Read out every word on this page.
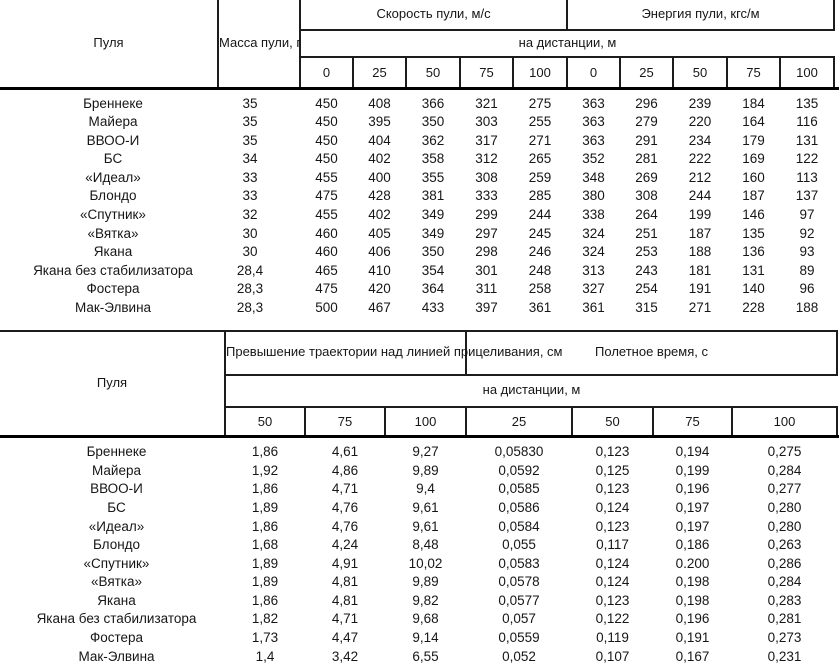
Пуля	Масса пули, г	Скорость пули, м/с					Энергия пули, кгс/м					
		на дистанции, м										
		0	25	50	75	100	0	25	50	75	100	
Бреннеке	35	450	408	366	321	275	363	296	239	184	135	
Майера	35	450	395	350	303	255	363	279	220	164	116	
ВВОО-И	35	450	404	362	317	271	363	291	234	179	131	
БС	34	450	402	358	312	265	352	281	222	169	122	
«Идеал»	33	455	400	355	308	259	348	269	212	160	113	
Блондо	33	475	428	381	333	285	380	308	244	187	137	
«Спутник»	32	455	402	349	299	244	338	264	199	146	97	
«Вятка»	30	460	405	349	297	245	324	251	187	135	92	
Якана	30	460	406	350	298	246	324	253	188	136	93	
Якана без стабилизатора	28,4	465	410	354	301	248	313	243	181	131	89	
Фостера	28,3	475	420	364	311	258	327	254	191	140	96	
Мак-Элвина	28,3	500	467	433	397	361	361	315	271	228	188	
Пуля	Превышение траектории над линией прицеливания, см			Полетное время, с				
	на дистанции, м							
	50	75	100	25	50	75	100	
Бреннеке	1,86	4,61	9,27	0,05830	0,123	0,194	0,275	
Майера	1,92	4,86	9,89	0,0592	0,125	0,199	0,284	
ВВОО-И	1,86	4,71	9,4	0,0585	0,123	0,196	0,277	
БС	1,89	4,76	9,61	0,0586	0,124	0,197	0,280	
«Идеал»	1,86	4,76	9,61	0,0584	0,123	0,197	0,280	
Блондо	1,68	4,24	8,48	0,055	0,117	0,186	0,263	
«Спутник»	1,89	4,91	10,02	0,0583	0,124	0.200	0,286	
«Вятка»	1,89	4,81	9,89	0,0578	0,124	0,198	0,284	
Якана	1,86	4,81	9,82	0,0577	0,123	0,198	0,283	
Якана без стабилизатора	1,82	4,71	9,68	0,057	0,122	0,196	0,281	
Фостера	1,73	4,47	9,14	0,0559	0,119	0,191	0,273	
Мак-Элвина	1,4	3,42	6,55	0,052	0,107	0,167	0,231	
